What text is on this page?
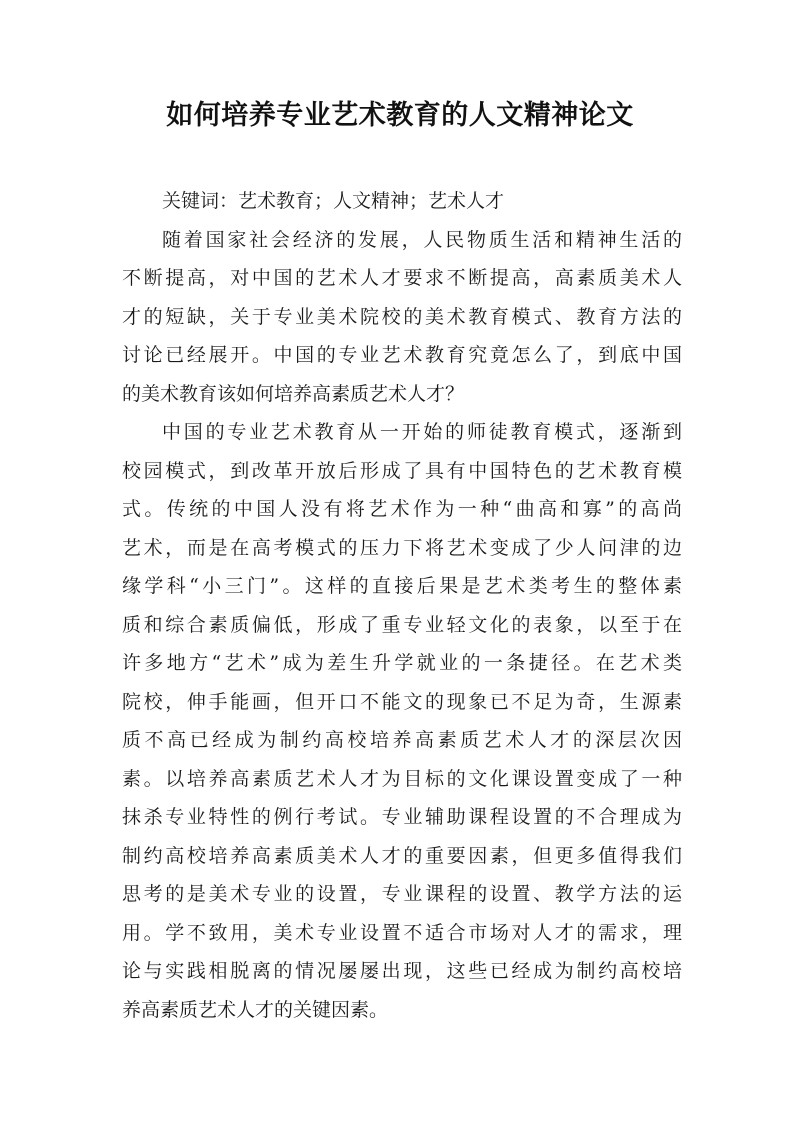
如何培养专业艺术教育的人文精神论文
关键词：艺术教育；人文精神；艺术人才
随着国家社会经济的发展，人民物质生活和精神生活的
不断提高，对中国的艺术人才要求不断提高，高素质美术人
才的短缺，关于专业美术院校的美术教育模式、教育方法的
讨论已经展开。中国的专业艺术教育究竟怎么了，到底中国
的美术教育该如何培养高素质艺术人才？
中国的专业艺术教育从一开始的师徒教育模式，逐渐到
校园模式，到改革开放后形成了具有中国特色的艺术教育模
式。传统的中国人没有将艺术作为一种“曲高和寡”的高尚
艺术，而是在高考模式的压力下将艺术变成了少人问津的边
缘学科“小三门”。这样的直接后果是艺术类考生的整体素
质和综合素质偏低，形成了重专业轻文化的表象，以至于在
许多地方“艺术”成为差生升学就业的一条捷径。在艺术类
院校，伸手能画，但开口不能文的现象已不足为奇，生源素
质不高已经成为制约高校培养高素质艺术人才的深层次因
素。以培养高素质艺术人才为目标的文化课设置变成了一种
抹杀专业特性的例行考试。专业辅助课程设置的不合理成为
制约高校培养高素质美术人才的重要因素，但更多值得我们
思考的是美术专业的设置，专业课程的设置、教学方法的运
用。学不致用，美术专业设置不适合市场对人才的需求，理
论与实践相脱离的情况屡屡出现，这些已经成为制约高校培
养高素质艺术人才的关键因素。
